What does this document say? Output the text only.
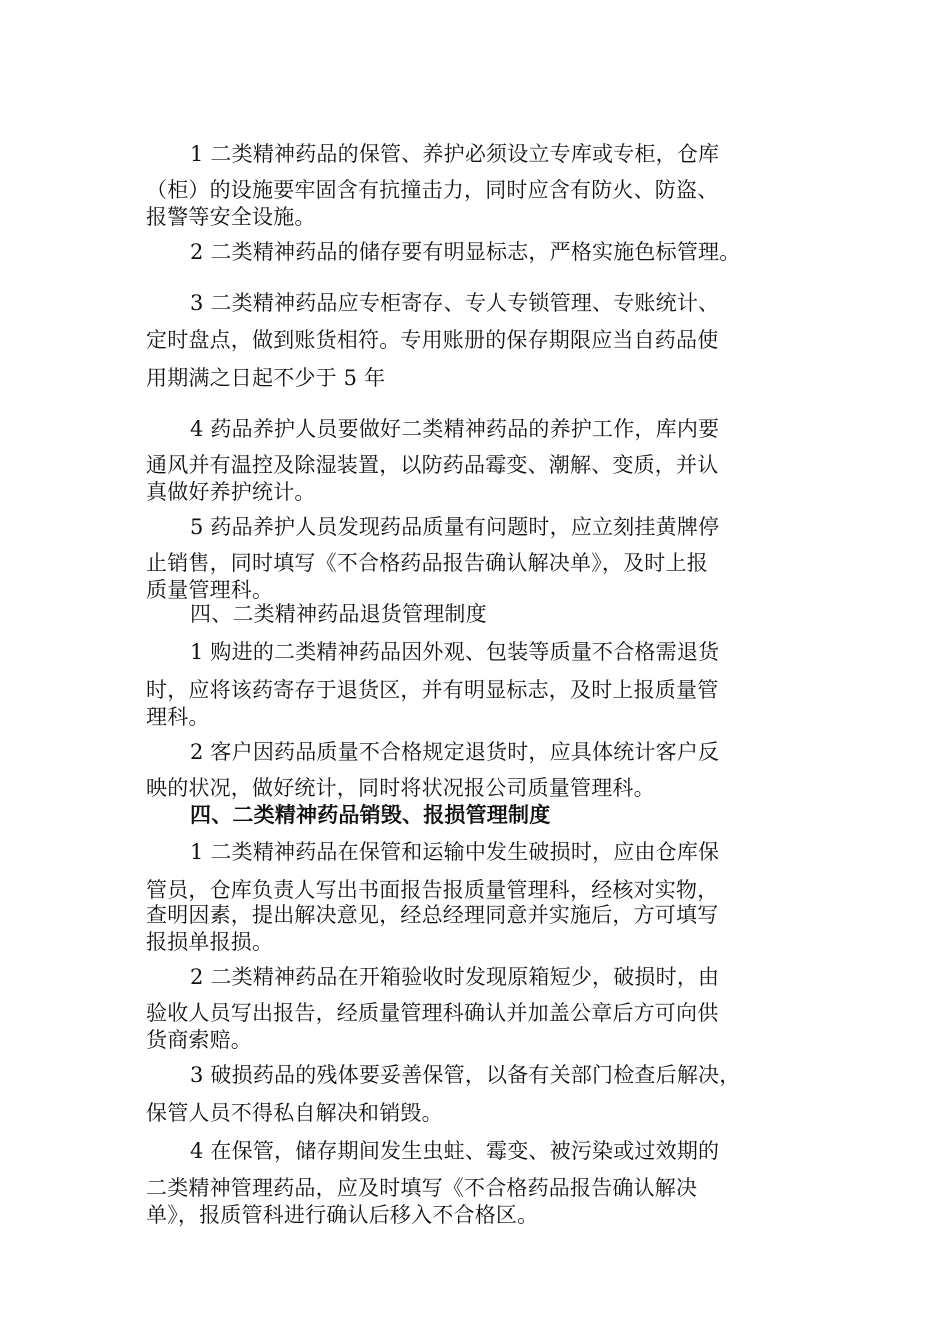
1 二类精神药品的保管、养护必须设立专库或专柜，仓库
（柜）的设施要牢固含有抗撞击力，同时应含有防火、防盗、
报警等安全设施。
2 二类精神药品的储存要有明显标志，严格实施色标管理。
3 二类精神药品应专柜寄存、专人专锁管理、专账统计、
定时盘点，做到账货相符。专用账册的保存期限应当自药品使
用期满之日起不少于 5 年
4 药品养护人员要做好二类精神药品的养护工作，库内要
通风并有温控及除湿装置，以防药品霉变、潮解、变质，并认
真做好养护统计。
5 药品养护人员发现药品质量有问题时，应立刻挂黄牌停
止销售，同时填写《不合格药品报告确认解决单》，及时上报
质量管理科。
四、二类精神药品退货管理制度
1 购进的二类精神药品因外观、包装等质量不合格需退货
时，应将该药寄存于退货区，并有明显标志，及时上报质量管
理科。
2 客户因药品质量不合格规定退货时，应具体统计客户反
映的状况，做好统计，同时将状况报公司质量管理科。
四、二类精神药品销毁、报损管理制度
1 二类精神药品在保管和运输中发生破损时，应由仓库保
管员，仓库负责人写出书面报告报质量管理科，经核对实物，
查明因素，提出解决意见，经总经理同意并实施后，方可填写
报损单报损。
2 二类精神药品在开箱验收时发现原箱短少，破损时，由
验收人员写出报告，经质量管理科确认并加盖公章后方可向供
货商索赔。
3 破损药品的残体要妥善保管，以备有关部门检查后解决，
保管人员不得私自解决和销毁。
4 在保管，储存期间发生虫蛀、霉变、被污染或过效期的
二类精神管理药品，应及时填写《不合格药品报告确认解决
单》，报质管科进行确认后移入不合格区。
